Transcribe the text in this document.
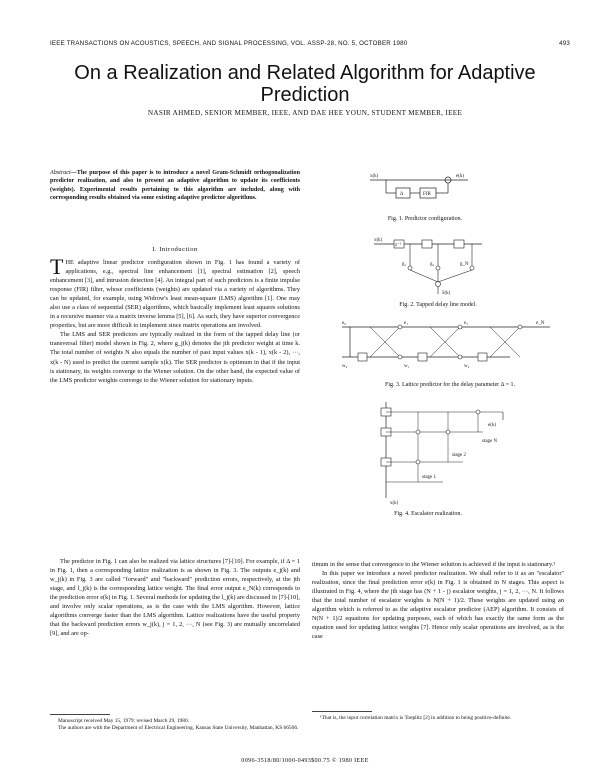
IEEE TRANSACTIONS ON ACOUSTICS, SPEECH, AND SIGNAL PROCESSING, VOL. ASSP-28, NO. 5, OCTOBER 1980	493
On a Realization and Related Algorithm for Adaptive Prediction
NASIR AHMED, SENIOR MEMBER, IEEE, AND DAE HEE YOUN, STUDENT MEMBER, IEEE
Abstract—The purpose of this paper is to introduce a novel Gram-Schmidt orthogonalization predictor realization, and also to present an adaptive algorithm to update its coefficients (weights). Experimental results pertaining to this algorithm are included, along with corresponding results obtained via some existing adaptive predictor algorithms.
I. Introduction

THE adaptive linear predictor configuration shown in Fig. 1 has found a variety of applications, e.g., spectral line enhancement [1], spectral estimation [2], speech enhancement [3], and intrusion detection [4]. An integral part of such predictors is a finite impulse response (FIR) filter, whose coefficients (weights) are updated via a variety of algorithms. They can be updated, for example, using Widrow's least mean-square (LMS) algorithm [1]. One may also use a class of sequential (SER) algorithms, which basically implement least squares solutions in a recursive manner via a matrix inverse lemma [5], [6]. As such, they have superior convergence properties, but are more difficult to implement since matrix operations are involved.

The LMS and SER predictors are typically realized in the form of the tapped delay line (or transversal filter) model shown in Fig. 2, where g_j(k) denotes the jth predictor weight at time k. The total number of weights N also equals the number of past input values x(k - 1), x(k - 2), ···, x(k - N) used to predict the current sample x(k). The SER predictor is optimum in that if the input is stationary, its weights converge to the Wiener solution. On the other hand, the expected value of the LMS predictor weights converge to the Wiener solution for stationary inputs.

The predictor in Fig. 1 can also be realized via lattice structures [7]-[10]. For example, if Δ = 1 in Fig. 1, then a corresponding lattice realization is as shown in Fig. 3. The outputs e_j(k) and w_j(k) in Fig. 3 are called "forward" and "backward" prediction errors, respectively, at the jth stage, and l_j(k) is the corresponding lattice weight. The final error output e_N(k) corresponds to the prediction error e(k) in Fig. 1. Several methods for updating the l_j(k) are discussed in [7]-[10], and involve only scalar operations, as is the case with the LMS algorithm. However, lattice algorithms converge faster than the LMS algorithm. Lattice realizations have the useful property that the backward prediction errors w_j(k), j = 1, 2, ···, N (see Fig. 3) are mutually uncorrelated [9], and are op-

timum in the sense that convergence to the Wiener solution is achieved if the input is stationary.¹

In this paper we introduce a novel predictor realization. We shall refer to it as an "escalator" realization, since the final prediction error e(k) in Fig. 1 is obtained in N stages. This aspect is illustrated in Fig. 4, where the jth stage has (N + 1 - j) escalator weights, j = 1, 2, ···, N. It follows that the total number of escalator weights is N(N + 1)/2. These weights are updated using an algorithm which is referred to as the adaptive escalator predictor (AEP) algorithm. It consists of N(N + 1)/2 equations for updating purposes, each of which has exactly the same form as the equation used for updating lattice weights [7]. Hence only scalar operations are involved, as is the case

Manuscript received May 15, 1979; revised March 29, 1980.

The authors are with the Department of Electrical Engineering, Kansas State University, Manhattan, KS 66506.

¹That is, the input correlation matrix is Toeplitz [2] in addition to being positive-definite.

0096-3518/80/1000-0493$00.75 © 1980 IEEE
x(k)
Δ	FIR
e(k)
Fig. 1. Predictor configuration.
z⁻¹
g₁	g₂	g_N
x(k)
x̂(k)
Fig. 2. Tapped delay line model.
e₀	e₁	e₂	e_N
w₀	w₁	w₂
Fig. 3. Lattice predictor for the delay parameter Δ = 1.
x(k)
e(k)
stage 1
stage 2
stage N
Fig. 4. Escalator realization.
